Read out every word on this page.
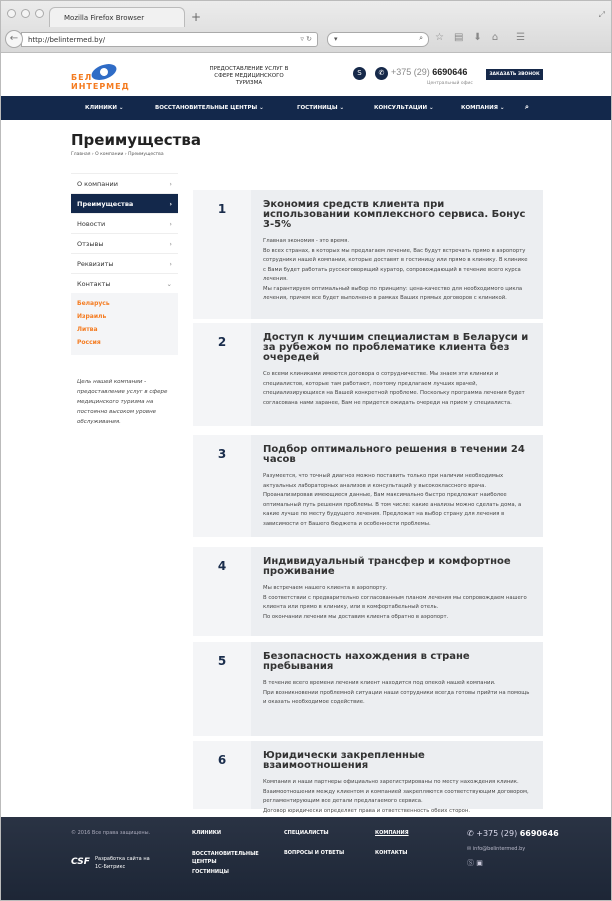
Mozilla Firefox Browser	+	⤢
http://belintermed.by/	▿ ↻
←	▾	⌕ ☆ ▤ ⬇ ⌂ ☰
БЕЛ
ИНТЕРМЕД
ПРЕДОСТАВЛЕНИЕ УСЛУГ В СФЕРЕ МЕДИЦИНСКОГО ТУРИЗМА
S	✆ +375 (29) 6690646
Центральный офис
ЗАКАЗАТЬ ЗВОНОК
КЛИНИКИ ⌄	ВОССТАНОВИТЕЛЬНЫЕ ЦЕНТРЫ ⌄	ГОСТИНИЦЫ ⌄	КОНСУЛЬТАЦИИ ⌄	КОМПАНИЯ ⌄	⌕
Преимущества
Главная › О компании › Преимущества
О компании	›
Преимущества	›
Новости	›
Отзывы	›
Реквизиты	›
Контакты	⌄
Беларусь
Израиль
Литва
Россия
Цель нашей компании - предоставление услуг в сфере медицинского туризма на постоянно высоком уровне обслуживания.
1	Экономия средств клиента при использовании комплексного сервиса. Бонус 3-5%

Главная экономия - это время.
Во всех странах, в которых мы предлагаем лечение, Вас будут встречать прямо в аэропорту сотрудники нашей компании, которые доставят в гостиницу или прямо в клинику. В клинике с Вами будет работать русскоговорящий куратор, сопровождающий в течение всего курса лечения.
Мы гарантируем оптимальный выбор по принципу: цена-качество для необходимого цикла лечения, причем все будет выполнено в рамках Ваших прямых договоров с клиникой.

2	Доступ к лучшим специалистам в Беларуси и за рубежом по проблематике клиента без очередей

Со всеми клиниками имеются договора о сотрудничестве. Мы знаем эти клиники и специалистов, которые там работают, поэтому предлагаем лучших врачей, специализирующихся на Вашей конкретной проблеме. Поскольку программа лечения будет согласована нами заранее, Вам не придется ожидать очереди на прием у специалиста.

3	Подбор оптимального решения в течении 24 часов

Разумеется, что точный диагноз можно поставить только при наличии необходимых актуальных лабораторных анализов и консультаций у высококлассного врача. Проанализировав имеющиеся данные, Вам максимально быстро предложат наиболее оптимальный путь решения проблемы. В том числе: какие анализы можно сделать дома, а какие лучше по месту будущего лечения. Предложат на выбор страну для лечения в зависимости от Вашего бюджета и особенности проблемы.

4	Индивидуальный трансфер и комфортное проживание

Мы встречаем нашего клиента в аэропорту.
В соответствии с предварительно согласованным планом лечения мы сопровождаем нашего клиента или прямо в клинику, или в комфортабельный отель.
По окончании лечения мы доставим клиента обратно в аэропорт.

5	Безопасность нахождения в стране пребывания

В течение всего времени лечения клиент находится под опекой нашей компании.
При возникновении проблемной ситуации наши сотрудники всегда готовы прийти на помощь и оказать необходимое содействие.

6	Юридически закрепленные взаимоотношения

Компания и наши партнеры официально зарегистрированы по месту нахождения клиник.
Взаимоотношения между клиентом и компанией закрепляются соответствующим договором, регламентирующим все детали предлагаемого сервиса.
Договор юридически определяет права и ответственность обеих сторон.

© 2016 Все права защищены.
CSF Разработка сайта на 1С-Битрикс
КЛИНИКИ
ВОССТАНОВИТЕЛЬНЫЕ ЦЕНТРЫ
ГОСТИНИЦЫ
СПЕЦИАЛИСТЫ
ВОПРОСЫ И ОТВЕТЫ
КОМПАНИЯ
КОНТАКТЫ
✆ +375 (29) 6690646
✉ info@belintermed.by
Ⓢ ▣
